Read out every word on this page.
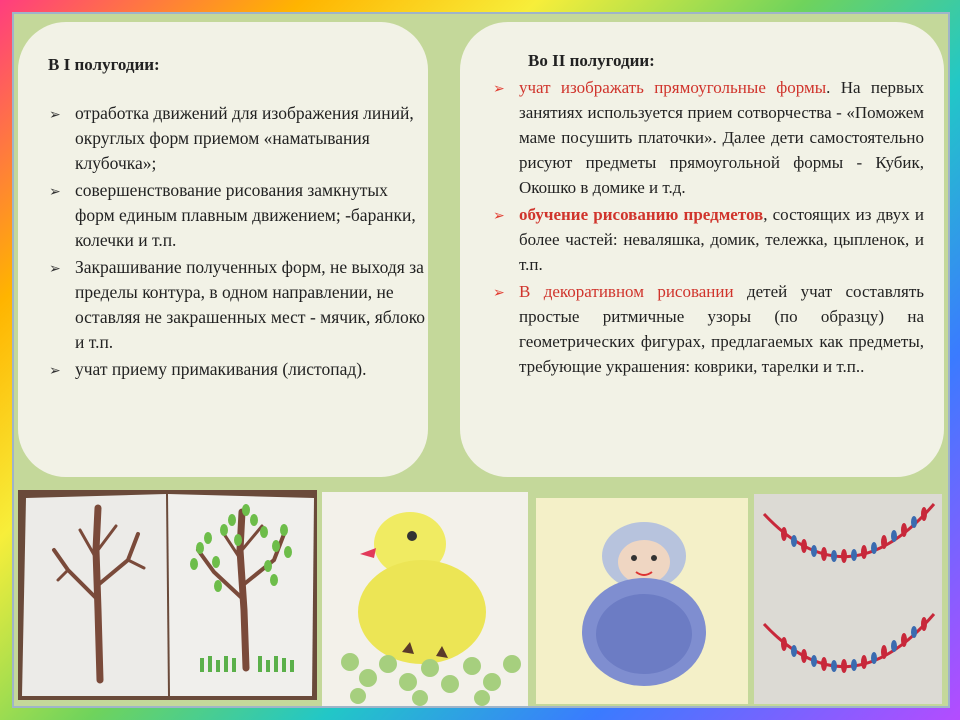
В I полугодии:
➢ отработка движений для изображения линий, округлых форм приемом «наматывания клубочка»;
➢ совершенствование рисования замкнутых форм единым плавным движением; -баранки, колечки и т.п.
➢ Закрашивание полученных форм, не выходя за пределы контура, в одном направлении, не оставляя не закрашенных мест - мячик, яблоко и т.п.
➢ учат приему примакивания (листопад).
Во II полугодии:
➢ учат изображать прямоугольные формы. На первых занятиях используется прием сотворчества - «Поможем маме посушить платочки». Далее дети самостоятельно рисуют предметы прямоугольной формы - Кубик, Окошко в домике и т.д.
➢ обучение рисованию предметов, состоящих из двух и более частей: неваляшка, домик, тележка, цыпленок, и т.п.
➢ В декоративном рисовании детей учат составлять простые ритмичные узоры (по образцу) на геометрических фигурах, предлагаемых как предметы, требующие украшения: коврики, тарелки и т.п..
